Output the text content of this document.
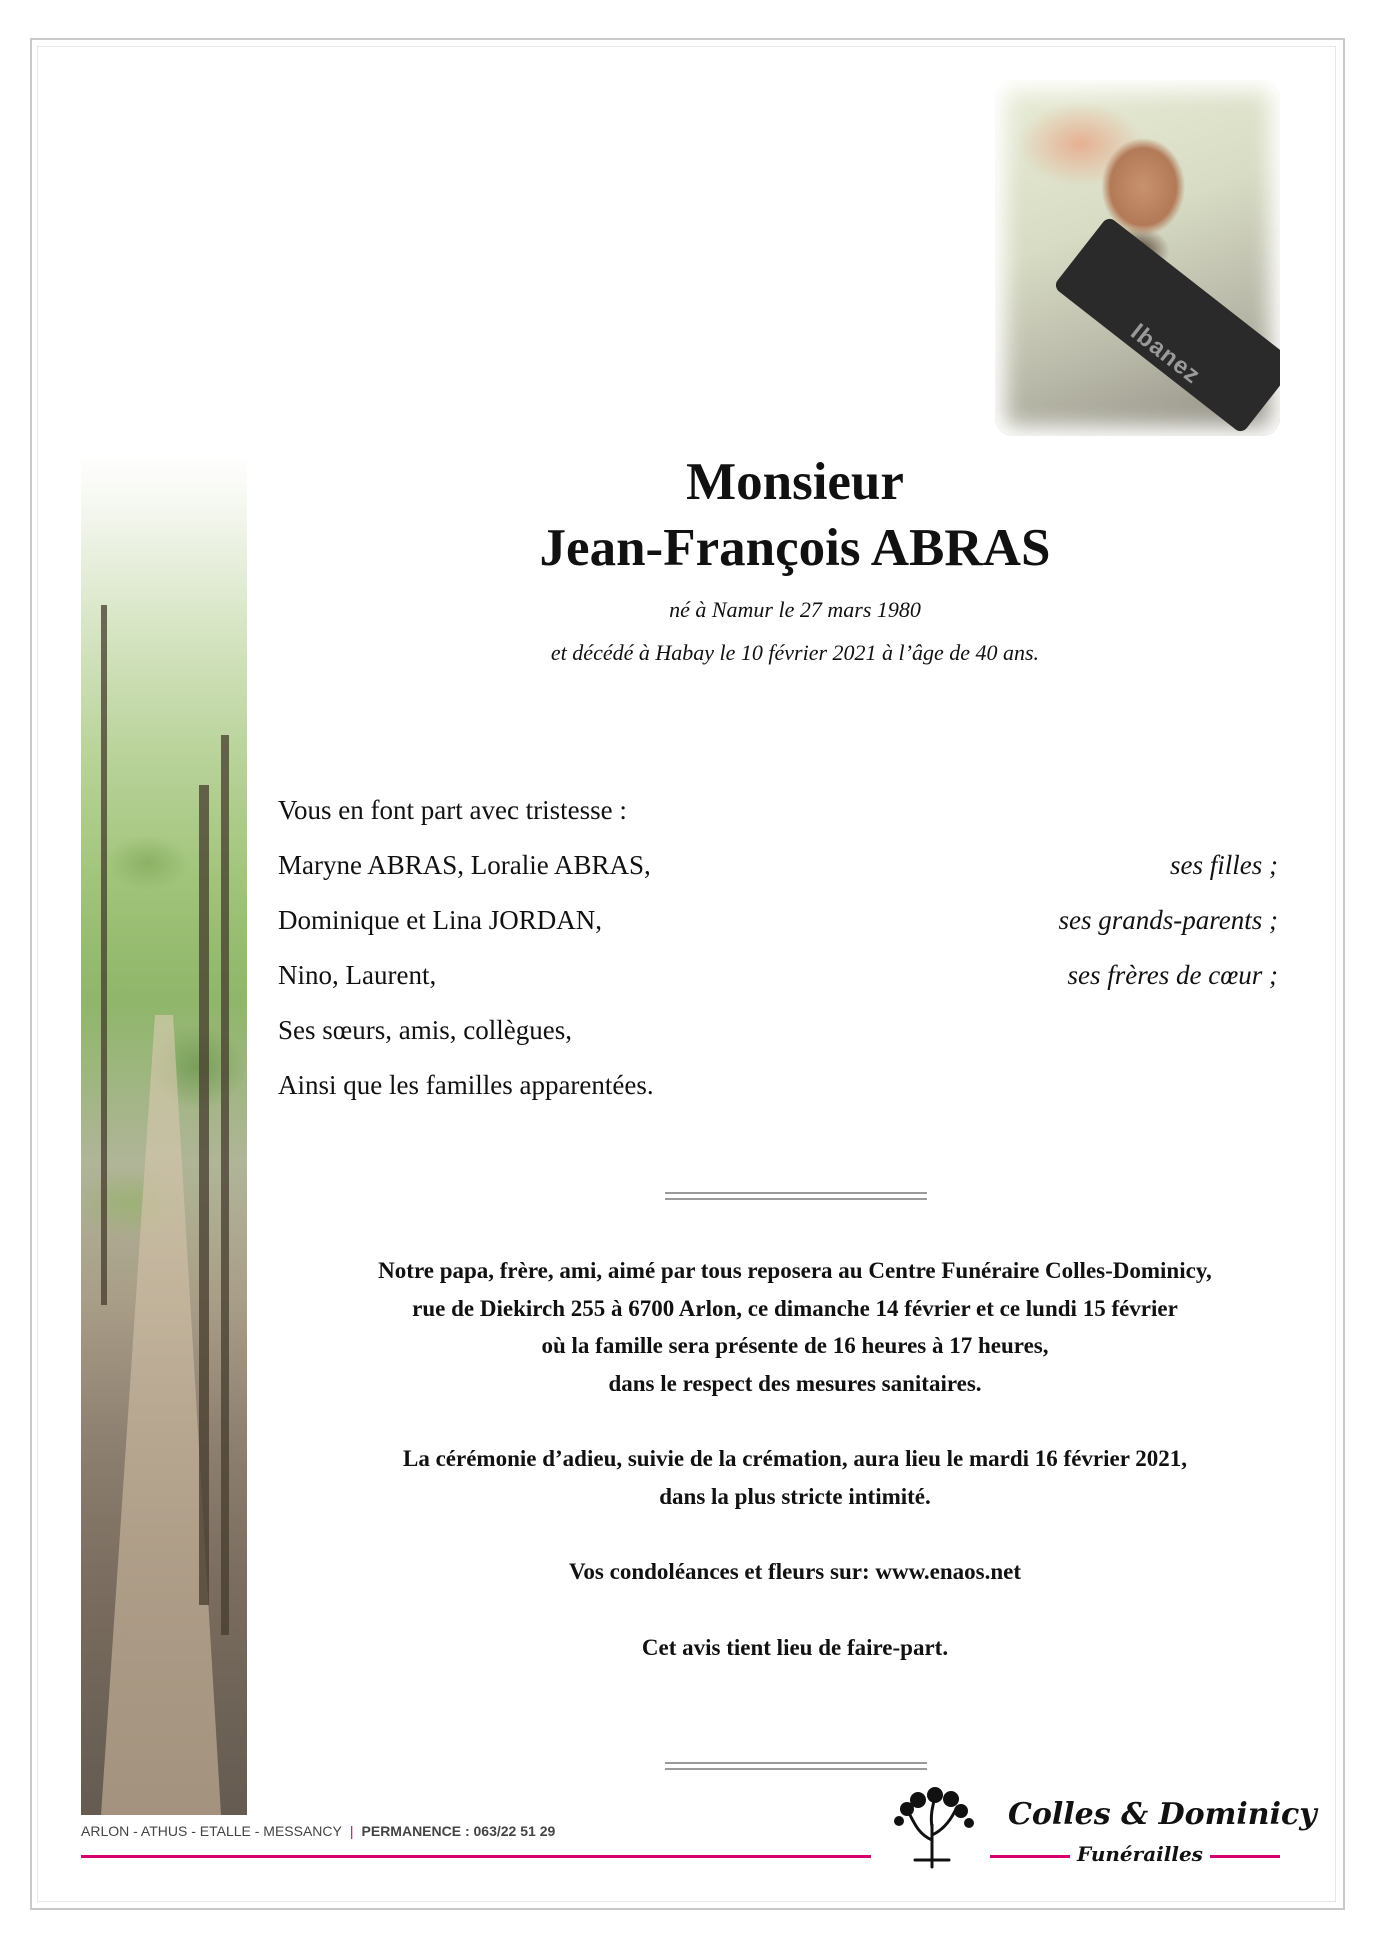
Ibanez
Monsieur
Jean-François ABRAS
né à Namur le 27 mars 1980
et décédé à Habay le 10 février 2021 à l’âge de 40 ans.
Vous en font part avec tristesse :
Maryne ABRAS, Loralie ABRAS,	ses filles ;
Dominique et Lina JORDAN,	ses grands-parents ;
Nino, Laurent,	ses frères de cœur ;
Ses sœurs, amis, collègues,
Ainsi que les familles apparentées.
Notre papa, frère, ami, aimé par tous reposera au Centre Funéraire Colles-Dominicy,
rue de Diekirch 255 à 6700 Arlon, ce dimanche 14 février et ce lundi 15 février
où la famille sera présente de 16 heures à 17 heures,
dans le respect des mesures sanitaires.
La cérémonie d’adieu, suivie de la crémation, aura lieu le mardi 16 février 2021,
dans la plus stricte intimité.
Vos condoléances et fleurs sur: www.enaos.net
Cet avis tient lieu de faire-part.
ARLON - ATHUS - ETALLE - MESSANCY | PERMANENCE : 063/22 51 29	Colles & Dominicy
Funérailles
